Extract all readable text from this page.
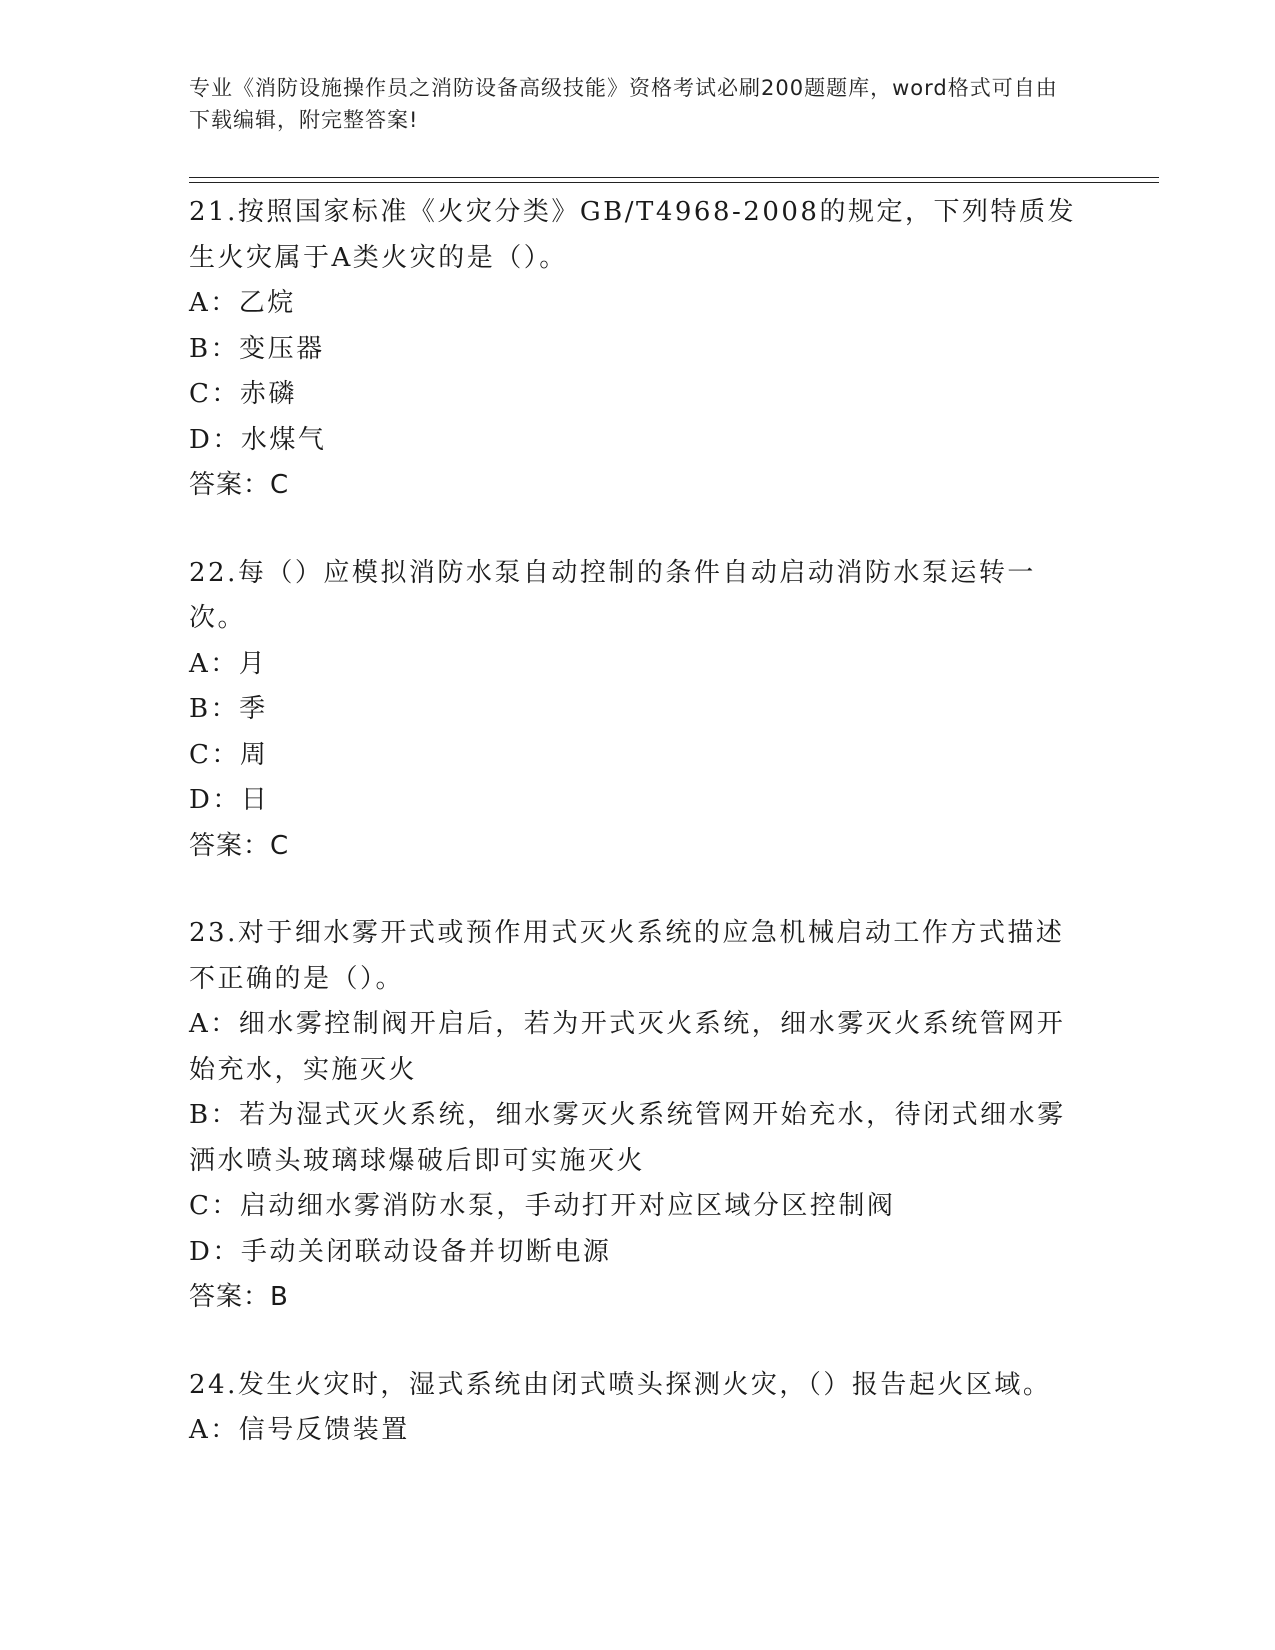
专业《消防设施操作员之消防设备高级技能》资格考试必刷200题题库，word格式可自由下载编辑，附完整答案!

21.按照国家标准《火灾分类》GB/T4968-2008的规定，下列特质发生火灾属于A类火灾的是（）。

A：乙烷

B：变压器

C：赤磷

D：水煤气

答案：C

22.每（）应模拟消防水泵自动控制的条件自动启动消防水泵运转一次。

A：月

B：季

C：周

D：日

答案：C

23.对于细水雾开式或预作用式灭火系统的应急机械启动工作方式描述不正确的是（）。

A：细水雾控制阀开启后，若为开式灭火系统，细水雾灭火系统管网开始充水，实施灭火

B：若为湿式灭火系统，细水雾灭火系统管网开始充水，待闭式细水雾洒水喷头玻璃球爆破后即可实施灭火

C：启动细水雾消防水泵，手动打开对应区域分区控制阀

D：手动关闭联动设备并切断电源

答案：B

24.发生火灾时，湿式系统由闭式喷头探测火灾，（）报告起火区域。

A：信号反馈装置
